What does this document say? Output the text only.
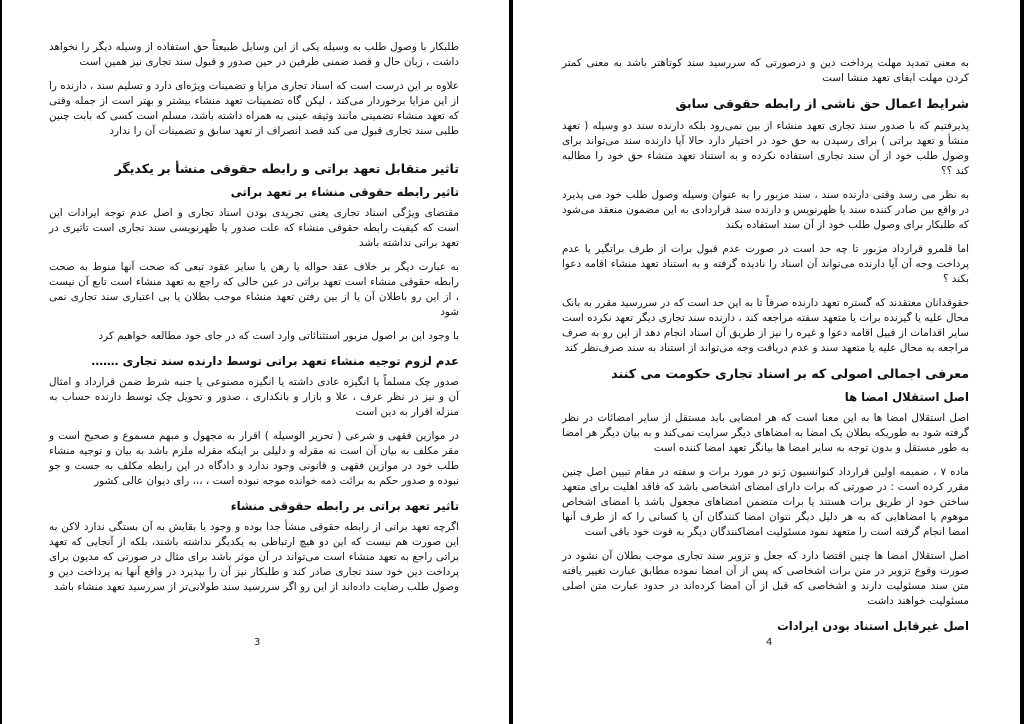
طلبکار با وصول طلب به وسیله یکی از این وسایل طبیعتاً حق استفاده از وسیله دیگر را نخواهد داشت ، زبان حال و قصد ضمنی طرفین در حین صدور و قبول سند تجاری نیز همین است

علاوه بر این درست است که اسناد تجاری مزایا و تضمینات ویژه‌ای دارد و تسلیم سند ، دارنده را از این مزایا برخوردار می‌کند ، لیکن گاه تضمینات تعهد منشاء بیشتر و بهتر است از جمله وقتی که تعهد منشاء تضمینی مانند وثیقه عینی به همراه داشته باشد، مسلم است کسی که بابت چنین طلبی سند تجاری قبول می کند قصد انصراف از تعهد سابق و تضمینات آن را ندارد

تاثیر متقابل تعهد براتی و رابطه حقوقی منشأ بر یکدیگر
تاثیر رابطه حقوقی منشاء بر تعهد براتی

مقتضای ویژگی اسناد تجاری یعنی تجریدی بودن اسناد تجاری و اصل عدم توجه ایرادات این است که کیفیت رابطه حقوقی منشاء که علت صدور یا ظهرنویسی سند تجاری است تاثیری در تعهد براتی نداشته باشد

به عبارت دیگر بر خلاف عقد حواله یا رهن یا سایر عقود تبعی که صحت آنها منوط به صحت رابطه حقوقی منشاء است تعهد براتی در عین حالی که راجع به تعهد منشاء است تابع آن نیست ، از این رو باطلان آن یا از بین رفتن تعهد منشاء موجب بطلان یا بی اعتباری سند تجاری نمی شود

با وجود این بر اصول مزبور استثنائاتی وارد است که در جای خود مطالعه خواهیم کرد

عدم لزوم توجیه منشاء تعهد براتی توسط دارنده سند تجاری …….

صدور چک مسلماً یا انگیزه عادی داشته یا انگیزه مصنوعی یا جنبه شرط ضمن قرارداد و امثال آن و نیز در نظر عرف ، علا و بازار و بانکداری ، صدور و تحویل چک توسط دارنده حساب به منزله اقرار به دین است

در موازین فقهی و شرعی ( تحریر الوسیله ) اقرار به مجهول و مبهم مسموع و صحیح است و مقر مکلف به بیان آن است نه مقرله و دلیلی بر اینکه مقرله ملزم باشد به بیان و توجیه منشاء طلب خود در موازین فقهی و قانونی وجود ندارد و دادگاه در این رابطه مکلف به جست و جو نبوده و صدور حکم به برائت ذمه خوانده موجه نبوده است ، ،،، رای دیوان عالی کشور

تاثیر تعهد براتی بر رابطه حقوقی منشاء

اگرچه تعهد براتی از رابطه حقوقی منشأ جدا بوده و وجود یا بقایش به آن بستگی ندارد لاکن به این صورت هم نیست که این دو هیچ ارتباطی به یکدیگر نداشته باشند، بلکه از آنجایی که تعهد براتی راجع به تعهد منشاء است می‌تواند در آن موثر باشد برای مثال در صورتی که مدیون برای پرداخت دین خود سند تجاری صادر کند و طلبکار نیز آن را بپذیرد در واقع آنها به پرداخت دین و وصول طلب رضایت داده‌اند از این رو اگر سررسید سند طولانی‌تر از سررسید تعهد منشاء باشد

3

به معنی تمدید مهلت پرداخت دین و درصورتی که سررسید سند کوتاهتر باشد به معنی کمتر کردن مهلت ایفای تعهد منشا است

شرایط اعمال حق ناشی از رابطه حقوقی سابق

پذیرفتیم که با صدور سند تجاری تعهد منشاء از بین نمی‌رود بلکه دارنده سند دو وسیله ( تعهد منشأ و تعهد براتی ) برای رسیدن به حق خود در اختیار دارد حالا آیا دارنده سند می‌تواند برای وصول طلب خود از آن سند تجاری استفاده نکرده و به استناد تعهد منشاء حق خود را مطالبه کند ؟؟

به نظر می رسد وقتی دارنده سند ، سند مزبور را به عنوان وسیله وصول طلب خود می پذیرد در واقع بین صادر کننده سند یا ظهرنویس و دارنده سند قراردادی به این مضمون منعقد می‌شود که طلبکار برای وصول طلب خود از آن سند استفاده بکند

اما قلمرو قرارداد مزبور تا چه حد است در صورت عدم قبول برات از طرف براتگیر یا عدم پرداخت وجه آن آیا دارنده می‌تواند آن اسناد را نادیده گرفته و به استناد تعهد منشاء اقامه دعوا بکند ؟

حقوقدانان معتقدند که گستره تعهد دارنده صرفاً تا به این حد است که در سررسید مقرر به بانک محال علیه یا گیرنده برات یا متعهد سفته مراجعه کند ، دارنده سند تجاری دیگر تعهد نکرده است سایر اقدامات از قبیل اقامه دعوا و غیره را نیز از طریق آن اسناد انجام دهد از این رو به صرف مراجعه به محال علیه یا متعهد سند و عدم دریافت وجه می‌تواند از استناد به سند صرف‌نظر کند

معرفی اجمالی اصولی که بر اسناد تجاری حکومت می کنند
اصل استقلال امضا ها

اصل استقلال امضا ها به این معنا است که هر امضایی باید مستقل از سایر امضائات در نظر گرفته شود به طوریکه بطلان یک امضا به امضاهای دیگر سرایت نمی‌کند و به بیان دیگر هر امضا به طور مستقل و بدون توجه به سایر امضا ها بیانگر تعهد امضا کننده است

ماده ۷ ، ضمیمه اولین قرارداد کنوانسیون ژنو در مورد برات و سفته در مقام تبیین اصل چنین مقرر کرده است : در صورتی که برات دارای امضای اشخاصی باشد که فاقد اهلیت برای متعهد ساختن خود از طریق برات هستند یا برات متضمن امضاهای مجعول باشد یا امضای اشخاص موهوم یا امضاهایی که به هر دلیل دیگر نتوان امضا کنندگان آن یا کسانی را که از طرف آنها امضا انجام گرفته است را متعهد نمود مسئولیت امضاکنندگان دیگر به قوت خود باقی است

اصل استقلال امضا ها چنین اقتضا دارد که جعل و تزویر سند تجاری موجب بطلان آن نشود در صورت وقوع تزویر در متن برات اشخاصی که پس از آن امضا نموده مطابق عبارت تغییر یافته متن سند مسئولیت دارند و اشخاصی که قبل از آن امضا کرده‌اند در حدود عبارت متن اصلی مسئولیت خواهند داشت

اصل غیرقابل استناد بودن ایرادات
4
